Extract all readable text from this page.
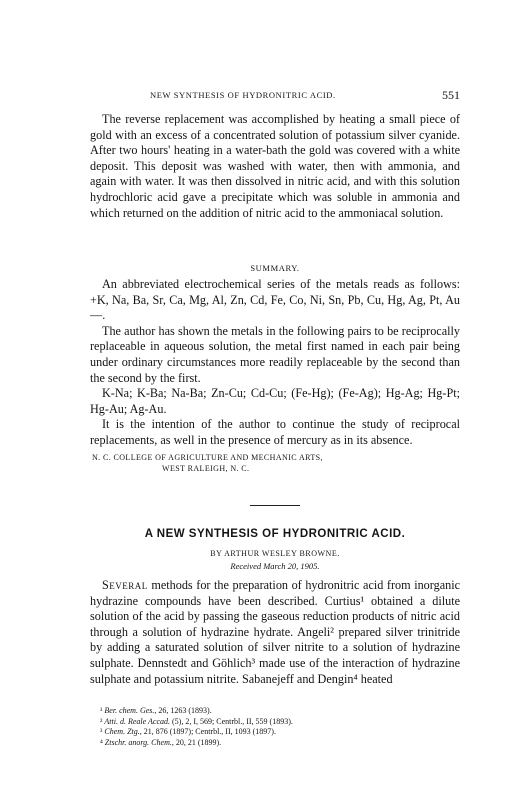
NEW SYNTHESIS OF HYDRONITRIC ACID.	551

The reverse replacement was accomplished by heating a small piece of gold with an excess of a concentrated solution of potassium silver cyanide. After two hours' heating in a water-bath the gold was covered with a white deposit. This deposit was washed with water, then with ammonia, and again with water. It was then dissolved in nitric acid, and with this solution hydrochloric acid gave a precipitate which was soluble in ammonia and which returned on the addition of nitric acid to the ammoniacal solution.

SUMMARY.

An abbreviated electrochemical series of the metals reads as follows: +K, Na, Ba, Sr, Ca, Mg, Al, Zn, Cd, Fe, Co, Ni, Sn, Pb, Cu, Hg, Ag, Pt, Au—.

The author has shown the metals in the following pairs to be reciprocally replaceable in aqueous solution, the metal first named in each pair being under ordinary circumstances more readily replaceable by the second than the second by the first.

K-Na; K-Ba; Na-Ba; Zn-Cu; Cd-Cu; (Fe-Hg); (Fe-Ag); Hg-Ag; Hg-Pt; Hg-Au; Ag-Au.

It is the intention of the author to continue the study of reciprocal replacements, as well in the presence of mercury as in its absence.

N. C. COLLEGE OF AGRICULTURE AND MECHANIC ARTS,
WEST RALEIGH, N. C.
A NEW SYNTHESIS OF HYDRONITRIC ACID.
BY ARTHUR WESLEY BROWNE.
Received March 20, 1905.

Several methods for the preparation of hydronitric acid from inorganic hydrazine compounds have been described. Curtius¹ obtained a dilute solution of the acid by passing the gaseous reduction products of nitric acid through a solution of hydrazine hydrate. Angeli² prepared silver trinitride by adding a saturated solution of silver nitrite to a solution of hydrazine sulphate. Dennstedt and Göhlich³ made use of the interaction of hydrazine sulphate and potassium nitrite. Sabanejeff and Dengin⁴ heated

¹ Ber. chem. Ges., 26, 1263 (1893).
² Atti. d. Reale Accad. (5), 2, I, 569; Centrbl., II, 559 (1893).
³ Chem. Ztg., 21, 876 (1897); Centrbl., II, 1093 (1897).
⁴ Ztschr. anorg. Chem., 20, 21 (1899).
